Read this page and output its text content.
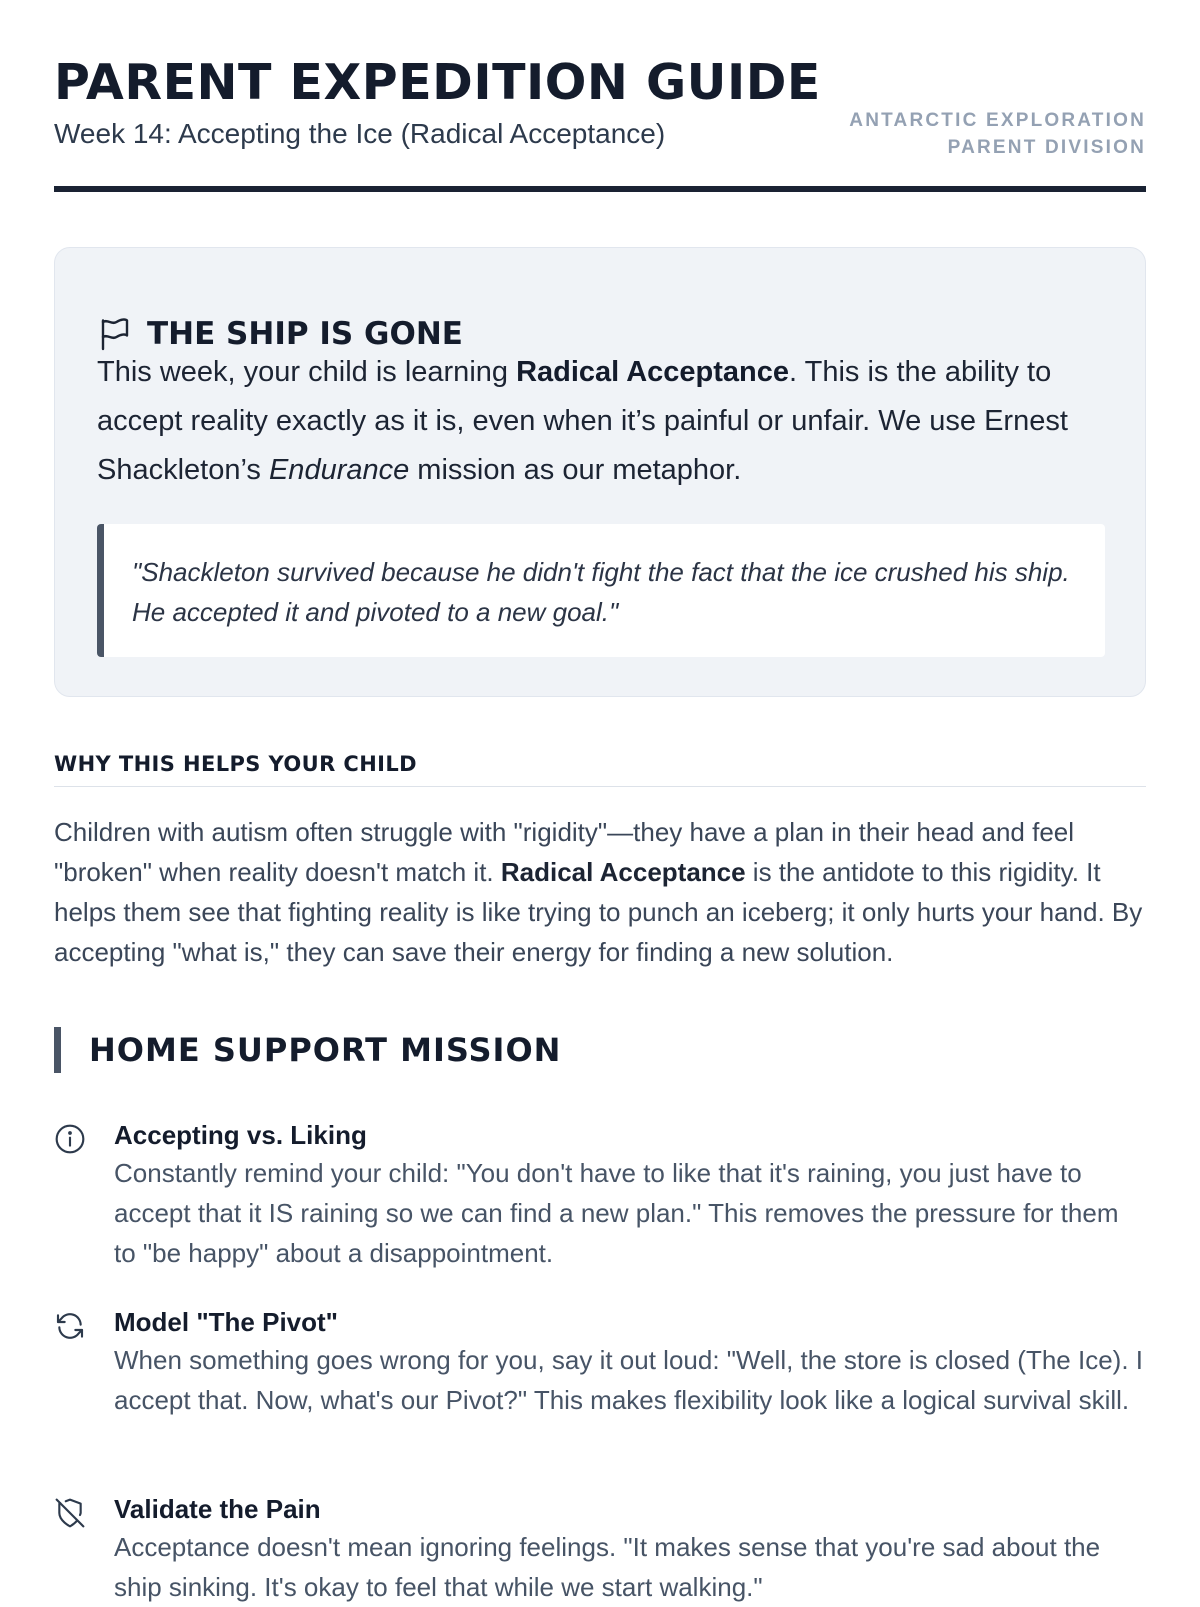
PARENT EXPEDITION GUIDE
Week 14: Accepting the Ice (Radical Acceptance)	ANTARCTIC EXPLORATION
PARENT DIVISION
THE SHIP IS GONE

This week, your child is learning Radical Acceptance. This is the ability to accept reality exactly as it is, even when it’s painful or unfair. We use Ernest Shackleton’s Endurance mission as our metaphor.

"Shackleton survived because he didn't fight the fact that the ice crushed his ship. He accepted it and pivoted to a new goal."

WHY THIS HELPS YOUR CHILD

Children with autism often struggle with "rigidity"—they have a plan in their head and feel "broken" when reality doesn't match it. Radical Acceptance is the antidote to this rigidity. It helps them see that fighting reality is like trying to punch an iceberg; it only hurts your hand. By accepting "what is," they can save their energy for finding a new solution.

HOME SUPPORT MISSION
Accepting vs. Liking

Constantly remind your child: "You don't have to like that it's raining, you just have to accept that it IS raining so we can find a new plan." This removes the pressure for them to "be happy" about a disappointment.

Model "The Pivot"

When something goes wrong for you, say it out loud: "Well, the store is closed (The Ice). I accept that. Now, what's our Pivot?" This makes flexibility look like a logical survival skill.

Validate the Pain

Acceptance doesn't mean ignoring feelings. "It makes sense that you're sad about the ship sinking. It's okay to feel that while we start walking."
